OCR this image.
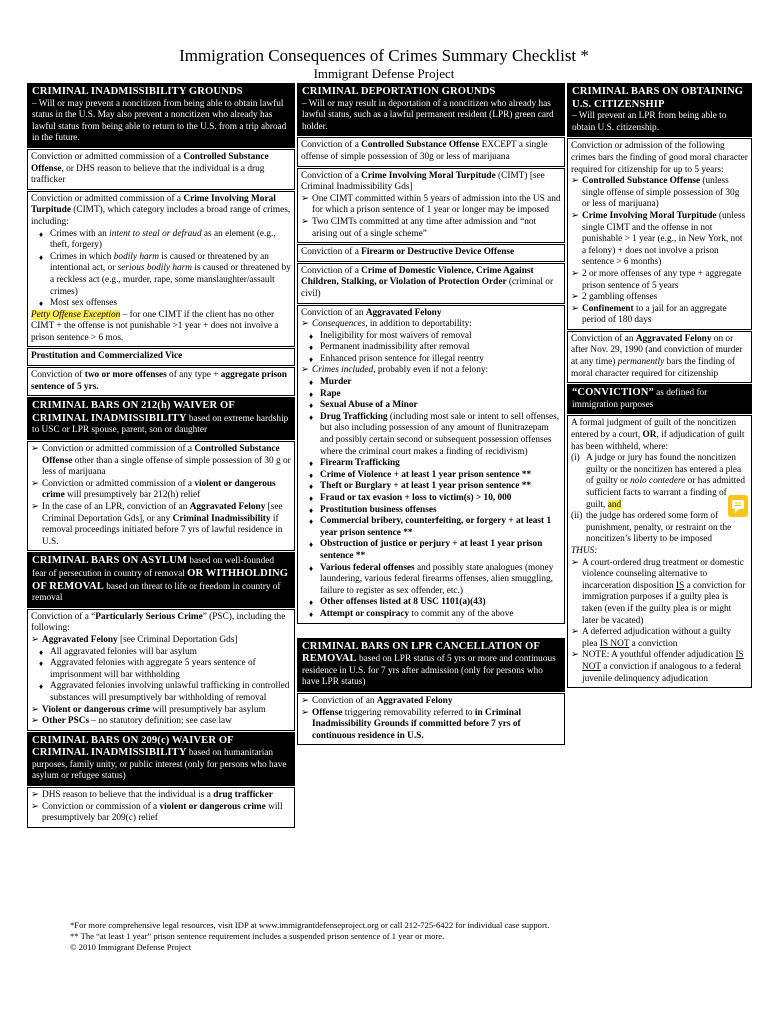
Immigration Consequences of Crimes Summary Checklist *
Immigrant Defense Project
CRIMINAL INADMISSIBILITY GROUNDS
– Will or may prevent a noncitizen from being able to obtain lawful status in the U.S. May also prevent a noncitizen who already has lawful status from being able to return to the U.S. from a trip abroad in the future.
Conviction or admitted commission of a Controlled Substance Offense, or DHS reason to believe that the individual is a drug trafficker

Conviction or admitted commission of a Crime Involving Moral Turpitude (CIMT), which category includes a broad range of crimes, including:

♦ Crimes with an intent to steal or defraud as an element (e.g., theft, forgery)
♦ Crimes in which bodily harm is caused or threatened by an intentional act, or serious bodily harm is caused or threatened by a reckless act (e.g., murder, rape, some manslaughter/assault crimes)
♦ Most sex offenses

Petty Offense Exception – for one CIMT if the client has no other CIMT + the offense is not punishable >1 year + does not involve a prison sentence > 6 mos.

Prostitution and Commercialized Vice
Conviction of two or more offenses of any type + aggregate prison sentence of 5 yrs.
CRIMINAL BARS ON 212(h) WAIVER OF CRIMINAL INADMISSIBILITY based on extreme hardship to USC or LPR spouse, parent, son or daughter
➢ Conviction or admitted commission of a Controlled Substance Offense other than a single offense of simple possession of 30 g or less of marijuana
➢ Conviction or admitted commission of a violent or dangerous crime will presumptively bar 212(h) relief
➢ In the case of an LPR, conviction of an Aggravated Felony [see Criminal Deportation Gds], or any Criminal Inadmissibility if removal proceedings initiated before 7 yrs of lawful residence in U.S.
CRIMINAL BARS ON ASYLUM based on well-founded fear of persecution in country of removal OR WITHHOLDING OF REMOVAL based on threat to life or freedom in country of removal

Conviction of a “Particularly Serious Crime” (PSC), including the following:

➢ Aggravated Felony [see Criminal Deportation Gds]
♦ All aggravated felonies will bar asylum
♦ Aggravated felonies with aggregate 5 years sentence of imprisonment will bar withholding
♦ Aggravated felonies involving unlawful trafficking in controlled substances will presumptively bar withholding of removal
➢ Violent or dangerous crime will presumptively bar asylum
➢ Other PSCs – no statutory definition; see case law
CRIMINAL BARS ON 209(c) WAIVER OF CRIMINAL INADMISSIBILITY based on humanitarian purposes, family unity, or public interest (only for persons who have asylum or refugee status)
➢ DHS reason to believe that the individual is a drug trafficker
➢ Conviction or commission of a violent or dangerous crime will presumptively bar 209(c) relief
CRIMINAL DEPORTATION GROUNDS
– Will or may result in deportation of a noncitizen who already has lawful status, such as a lawful permanent resident (LPR) green card holder.
Conviction of a Controlled Substance Offense EXCEPT a single offense of simple possession of 30g or less of marijuana

Conviction of a Crime Involving Moral Turpitude (CIMT) [see Criminal Inadmissibility Gds]

➢ One CIMT committed within 5 years of admission into the US and for which a prison sentence of 1 year or longer may be imposed
➢ Two CIMTs committed at any time after admission and “not arising out of a single scheme”
Conviction of a Firearm or Destructive Device Offense
Conviction of a Crime of Domestic Violence, Crime Against Children, Stalking, or Violation of Protection Order (criminal or civil)

Conviction of an Aggravated Felony

➢ Consequences, in addition to deportability:
♦ Ineligibility for most waivers of removal
♦ Permanent inadmissibility after removal
♦ Enhanced prison sentence for illegal reentry
➢ Crimes included, probably even if not a felony:
♦ Murder
♦ Rape
♦ Sexual Abuse of a Minor
♦ Drug Trafficking (including most sale or intent to sell offenses, but also including possession of any amount of flunitrazepam and possibly certain second or subsequent possession offenses where the criminal court makes a finding of recidivism)
♦ Firearm Trafficking
♦ Crime of Violence + at least 1 year prison sentence **
♦ Theft or Burglary + at least 1 year prison sentence **
♦ Fraud or tax evasion + loss to victim(s) > 10, 000
♦ Prostitution business offenses
♦ Commercial bribery, counterfeiting, or forgery + at least 1 year prison sentence **
♦ Obstruction of justice or perjury + at least 1 year prison sentence **
♦ Various federal offenses and possibly state analogues (money laundering, various federal firearms offenses, alien smuggling, failure to register as sex offender, etc.)
♦ Other offenses listed at 8 USC 1101(a)(43)
♦ Attempt or conspiracy to commit any of the above
CRIMINAL BARS ON LPR CANCELLATION OF REMOVAL based on LPR status of 5 yrs or more and continuous residence in U.S. for 7 yrs after admission (only for persons who have LPR status)
➢ Conviction of an Aggravated Felony
➢ Offense triggering removability referred to in Criminal Inadmissibility Grounds if committed before 7 yrs of continuous residence in U.S.
CRIMINAL BARS ON OBTAINING U.S. CITIZENSHIP
– Will prevent an LPR from being able to obtain U.S. citizenship.

Conviction or admission of the following crimes bars the finding of good moral character required for citizenship for up to 5 years:

➢ Controlled Substance Offense (unless single offense of simple possession of 30g or less of marijuana)
➢ Crime Involving Moral Turpitude (unless single CIMT and the offense in not punishable > 1 year (e.g., in New York, not a felony) + does not involve a prison sentence > 6 months)
➢ 2 or more offenses of any type + aggregate prison sentence of 5 years
➢ 2 gambling offenses
➢ Confinement to a jail for an aggregate period of 180 days
Conviction of an Aggravated Felony on or after Nov. 29, 1990 (and conviction of murder at any time) permanently bars the finding of moral character required for citizenship
“CONVICTION” as defined for immigration purposes

A formal judgment of guilt of the noncitizen entered by a court, OR, if adjudication of guilt has been withheld, where:

(i) A judge or jury has found the noncitizen guilty or the noncitizen has entered a plea of guilty or nolo contedere or has admitted sufficient facts to warrant a finding of guilt, and

(ii) the judge has ordered some form of punishment, penalty, or restraint on the noncitizen’s liberty to be imposed

THUS:

➢ A court-ordered drug treatment or domestic violence counseling alternative to incarceration disposition IS a conviction for immigration purposes if a guilty plea is taken (even if the guilty plea is or might later be vacated)
➢ A deferred adjudication without a guilty plea IS NOT a conviction
➢ NOTE: A youthful offender adjudication IS NOT a conviction if analogous to a federal juvenile delinquency adjudication
*For more comprehensive legal resources, visit IDP at www.immigrantdefenseproject.org or call 212-725-6422 for individual case support.
** The “at least 1 year” prison sentence requirement includes a suspended prison sentence of 1 year or more.
© 2010 Immigrant Defense Project
